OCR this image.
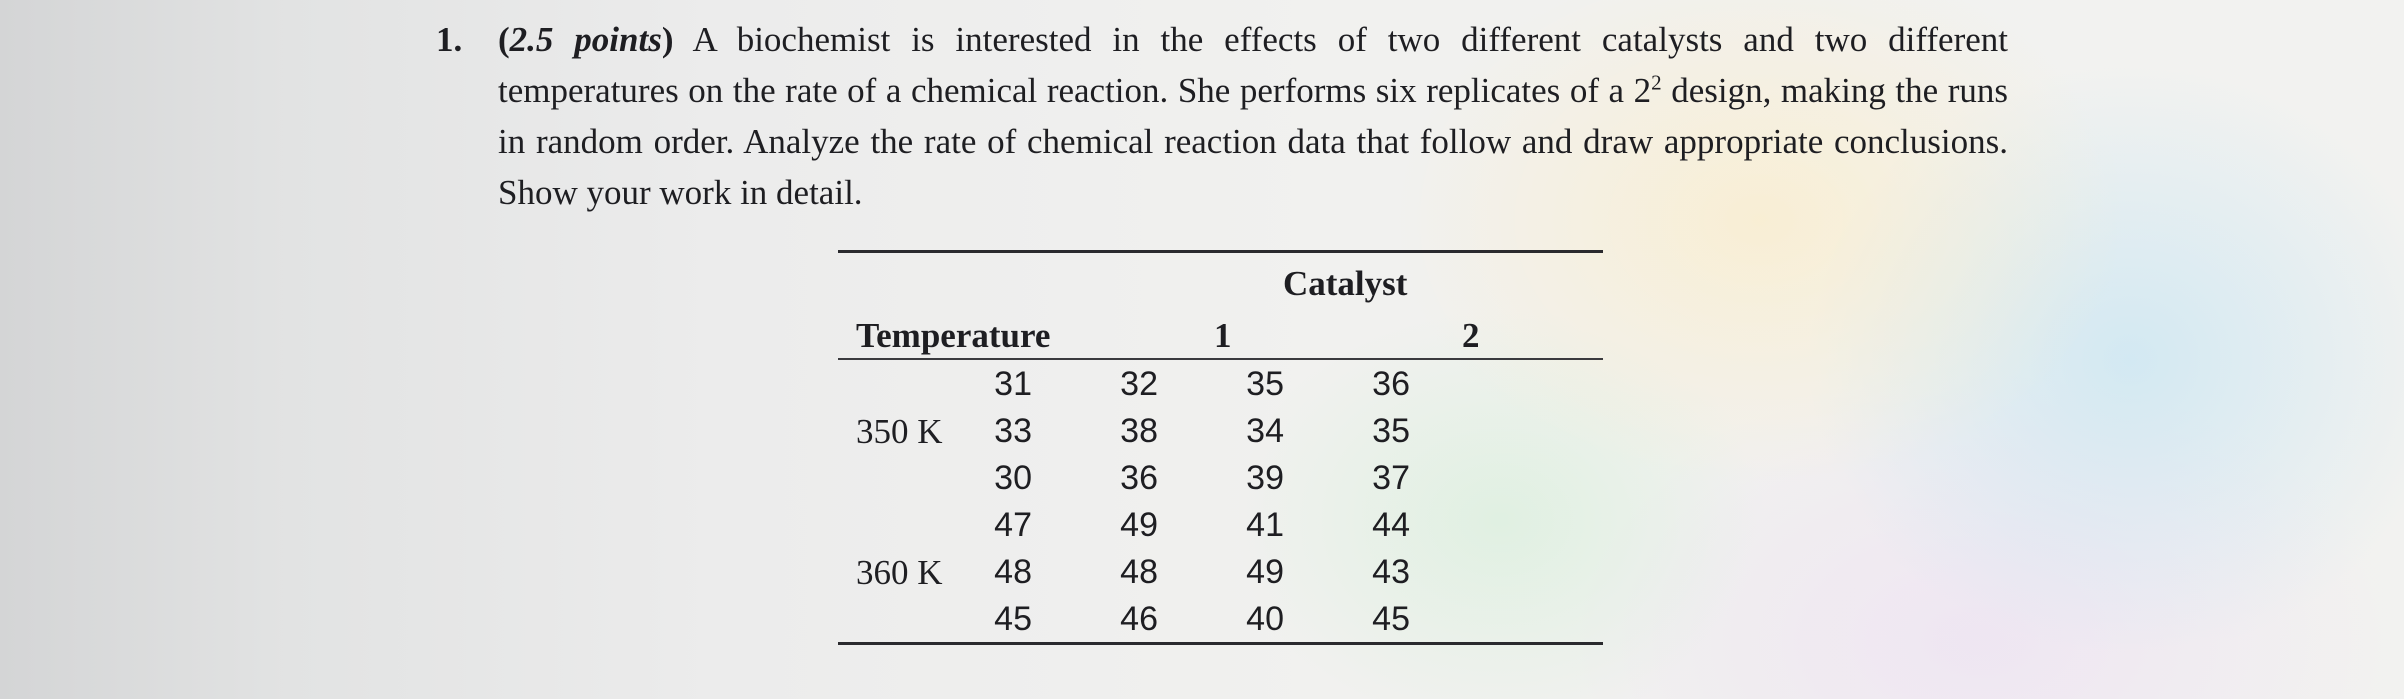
1. (2.5 points) A biochemist is interested in the effects of two different catalysts and two different temperatures on the rate of a chemical reaction. She performs six replicates of a $2^2$ design, making the runs in random order. Analyze the rate of chemical reaction data that follow and draw appropriate conclusions. Show your work in detail.
Catalyst
Temperature	1	2
350 K
31	32	35	36
33	38	34	35
30	36	39	37
360 K
47	49	41	44
48	48	49	43
45	46	40	45
